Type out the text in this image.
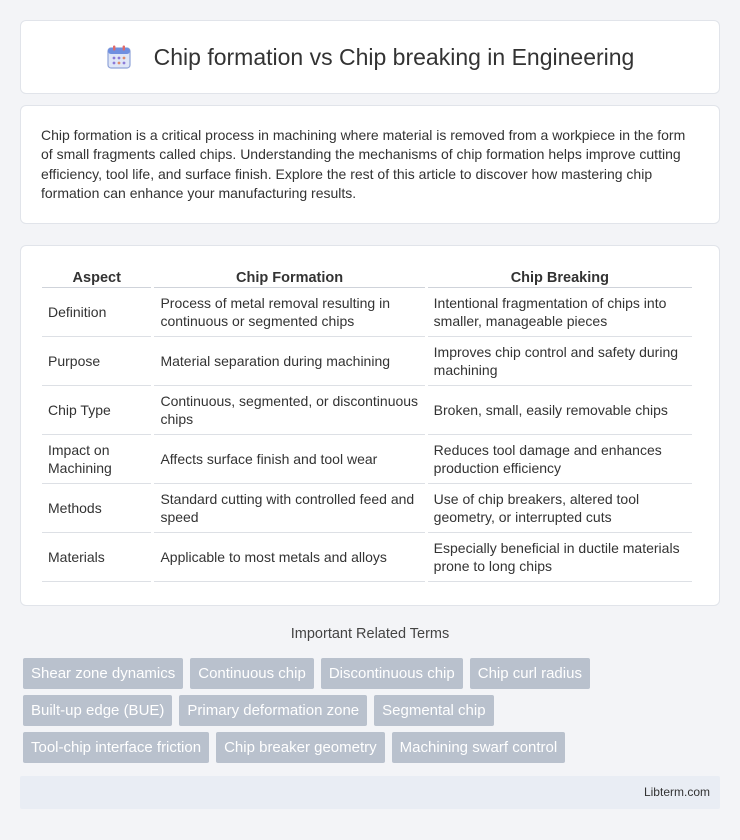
Chip formation vs Chip breaking in Engineering

Chip formation is a critical process in machining where material is removed from a workpiece in the form of small fragments called chips. Understanding the mechanisms of chip formation helps improve cutting efficiency, tool life, and surface finish. Explore the rest of this article to discover how mastering chip formation can enhance your manufacturing results.

Aspect	Chip Formation	Chip Breaking
Definition	Process of metal removal resulting in continuous or segmented chips	Intentional fragmentation of chips into smaller, manageable pieces
Purpose	Material separation during machining	Improves chip control and safety during machining
Chip Type	Continuous, segmented, or discontinuous chips	Broken, small, easily removable chips
Impact on Machining	Affects surface finish and tool wear	Reduces tool damage and enhances production efficiency
Methods	Standard cutting with controlled feed and speed	Use of chip breakers, altered tool geometry, or interrupted cuts
Materials	Applicable to most metals and alloys	Especially beneficial in ductile materials prone to long chips
Important Related Terms
Shear zone dynamics	Continuous chip	Discontinuous chip	Chip curl radius
Built-up edge (BUE)	Primary deformation zone	Segmental chip
Tool-chip interface friction	Chip breaker geometry	Machining swarf control
Libterm.com
